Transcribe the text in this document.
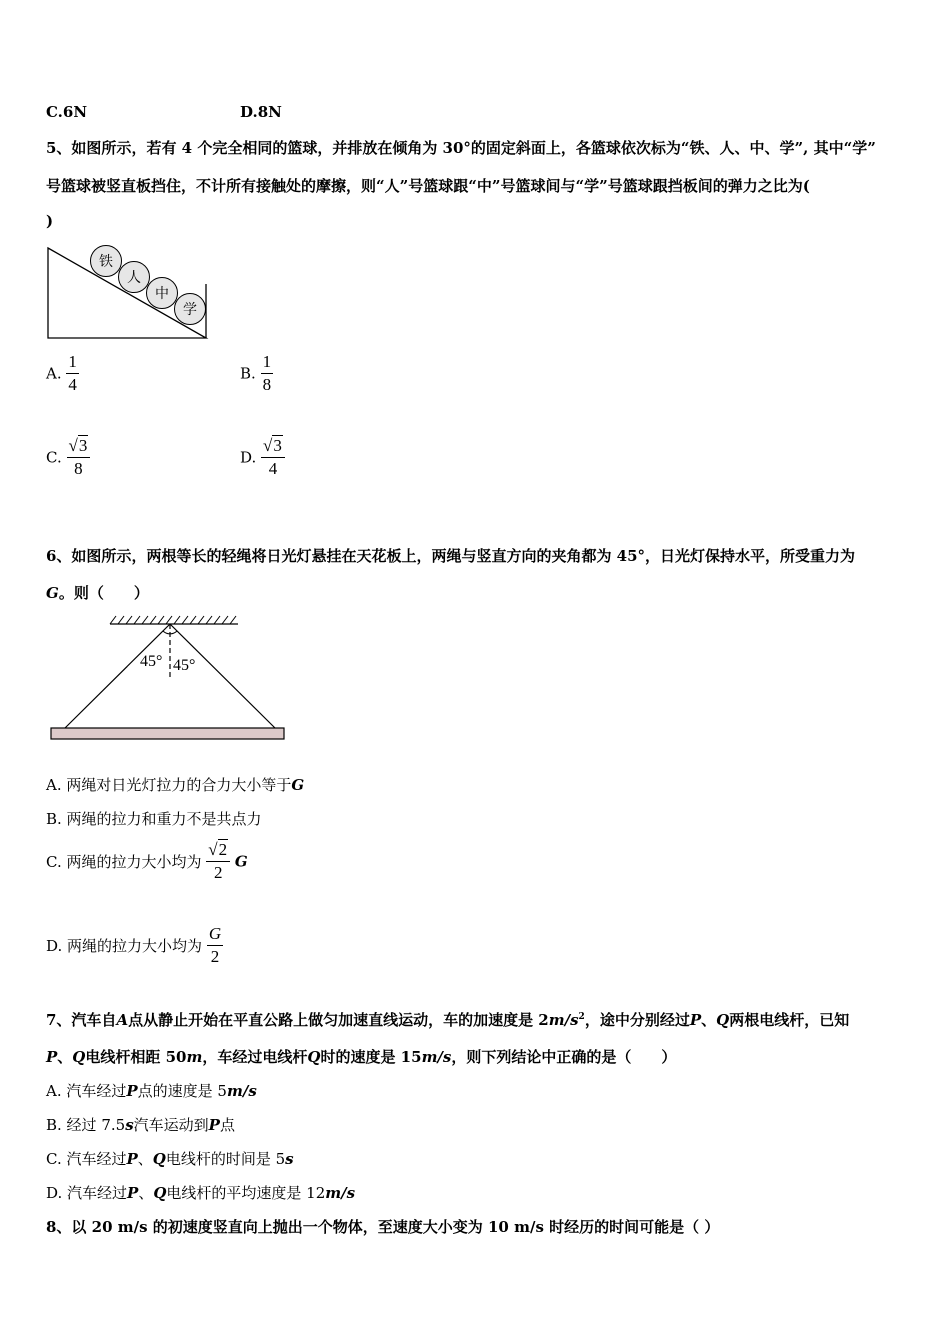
C.6N	D.8N
5、如图所示，若有 4 个完全相同的篮球，并排放在倾角为 30°的固定斜面上，各篮球依次标为“铁、人、中、学”, 其中“学”
号篮球被竖直板挡住，不计所有接触处的摩擦，则“人”号篮球跟“中”号篮球间与“学”号篮球跟挡板间的弹力之比为(
)
铁
人
中
学
A. $\frac{1}{4}$	B. $\frac{1}{8}$
C. $\frac{√3}{8}$	D. $\frac{√3}{4}$
6、如图所示，两根等长的轻绳将日光灯悬挂在天花板上，两绳与竖直方向的夹角都为 45°，日光灯保持水平，所受重力为
G。则（　　）
45° 45°
A. 两绳对日光灯拉力的合力大小等于G
B. 两绳的拉力和重力不是共点力
C. 两绳的拉力大小均为 $\frac{√2}{2}$ G
D. 两绳的拉力大小均为 $\frac{G}{2}$
7、汽车自A点从静止开始在平直公路上做匀加速直线运动，车的加速度是 $2m/s^2$，途中分别经过P、Q两根电线杆，已知
P、Q电线杆相距 50m，车经过电线杆Q时的速度是 15m/s，则下列结论中正确的是（　　）
A. 汽车经过P点的速度是 5m/s
B. 经过 7.5s汽车运动到P点
C. 汽车经过P、Q电线杆的时间是 5s
D. 汽车经过P、Q电线杆的平均速度是 12m/s
8、以 20 m/s 的初速度竖直向上抛出一个物体，至速度大小变为 10 m/s 时经历的时间可能是（ ）
